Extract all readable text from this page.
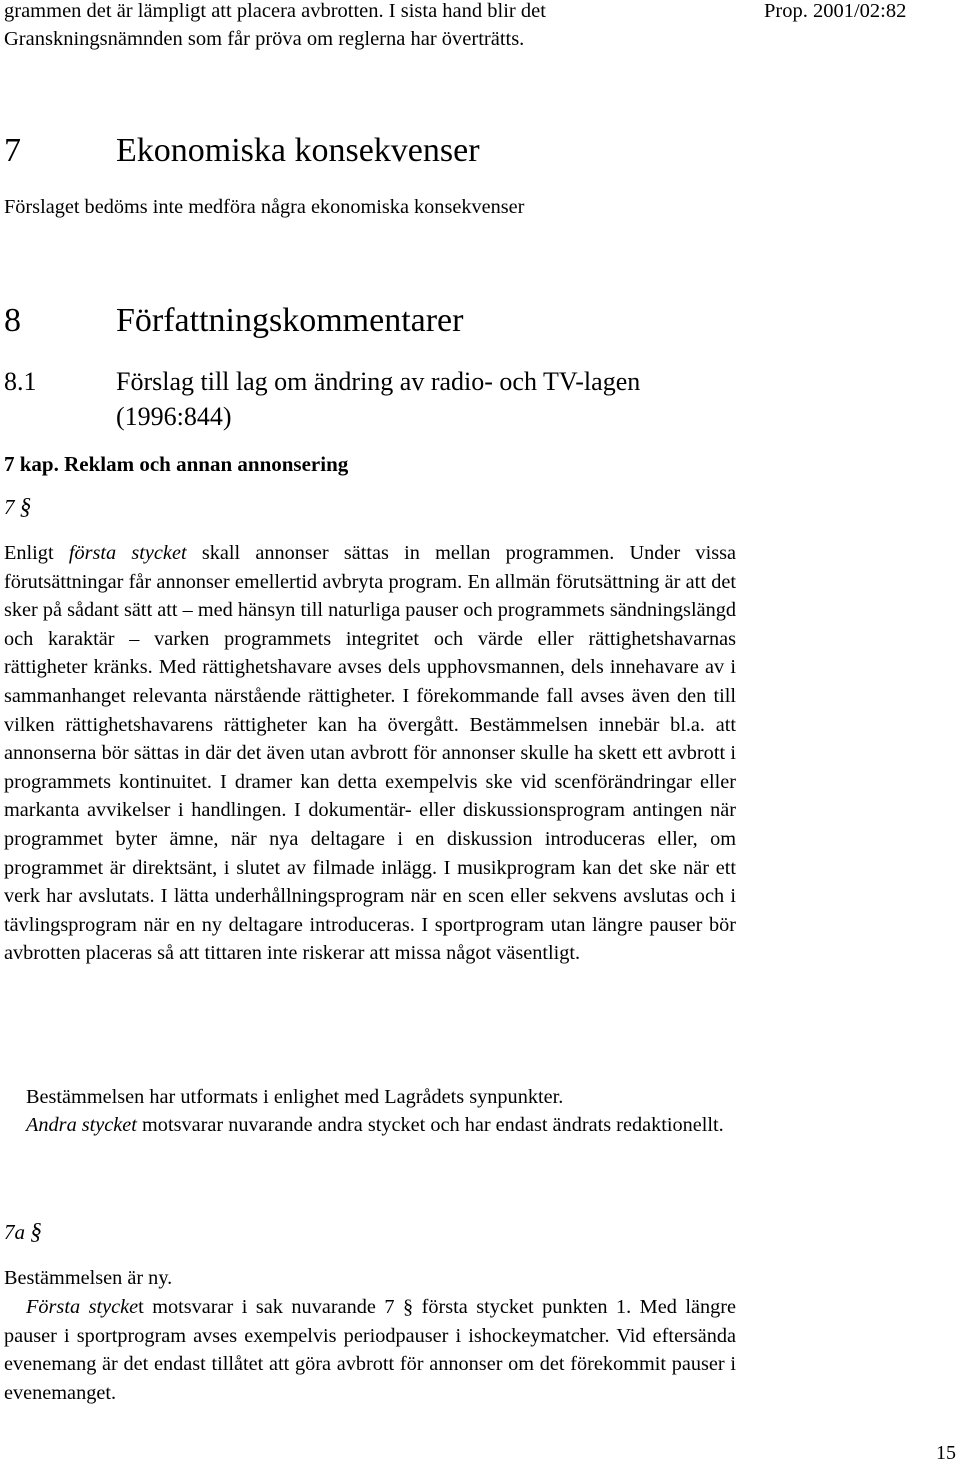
grammen det är lämpligt att placera avbrotten. I sista hand blir det
Granskningsnämnden som får pröva om reglerna har överträtts.
Prop. 2001/02:82
7	Ekonomiska konsekvenser
Förslaget bedöms inte medföra några ekonomiska konsekvenser
8	Författningskommentarer
8.1	Förslag till lag om ändring av radio- och TV-lagen
(1996:844)
7 kap. Reklam och annan annonsering
7 §

Enligt första stycket skall annonser sättas in mellan programmen. Under vissa förutsättningar får annonser emellertid avbryta program. En allmän förutsättning är att det sker på sådant sätt att – med hänsyn till naturliga pauser och programmets sändningslängd och karaktär – varken programmets integritet och värde eller rättighetshavarnas rättigheter kränks. Med rättighetshavare avses dels upphovsmannen, dels innehavare av i sammanhanget relevanta närstående rättigheter. I förekommande fall avses även den till vilken rättighetshavarens rättigheter kan ha övergått. Bestämmelsen innebär bl.a. att annonserna bör sättas in där det även utan avbrott för annonser skulle ha skett ett avbrott i programmets kontinuitet. I dramer kan detta exempelvis ske vid scenförändringar eller markanta avvikelser i handlingen. I dokumentär- eller diskussionsprogram antingen när programmet byter ämne, när nya deltagare i en diskussion introduceras eller, om programmet är direktsänt, i slutet av filmade inlägg. I musikprogram kan det ske när ett verk har avslutats. I lätta underhållningsprogram när en scen eller sekvens avslutas och i tävlingsprogram när en ny deltagare introduceras. I sportprogram utan längre pauser bör avbrotten placeras så att tittaren inte riskerar att missa något väsentligt.

Bestämmelsen har utformats i enlighet med Lagrådets synpunkter.

Andra stycket motsvarar nuvarande andra stycket och har endast ändrats redaktionellt.

7a §

Bestämmelsen är ny.

Första stycket motsvarar i sak nuvarande 7 § första stycket punkten 1. Med längre pauser i sportprogram avses exempelvis periodpauser i ishockeymatcher. Vid eftersända evenemang är det endast tillåtet att göra avbrott för annonser om det förekommit pauser i evenemanget.

15
